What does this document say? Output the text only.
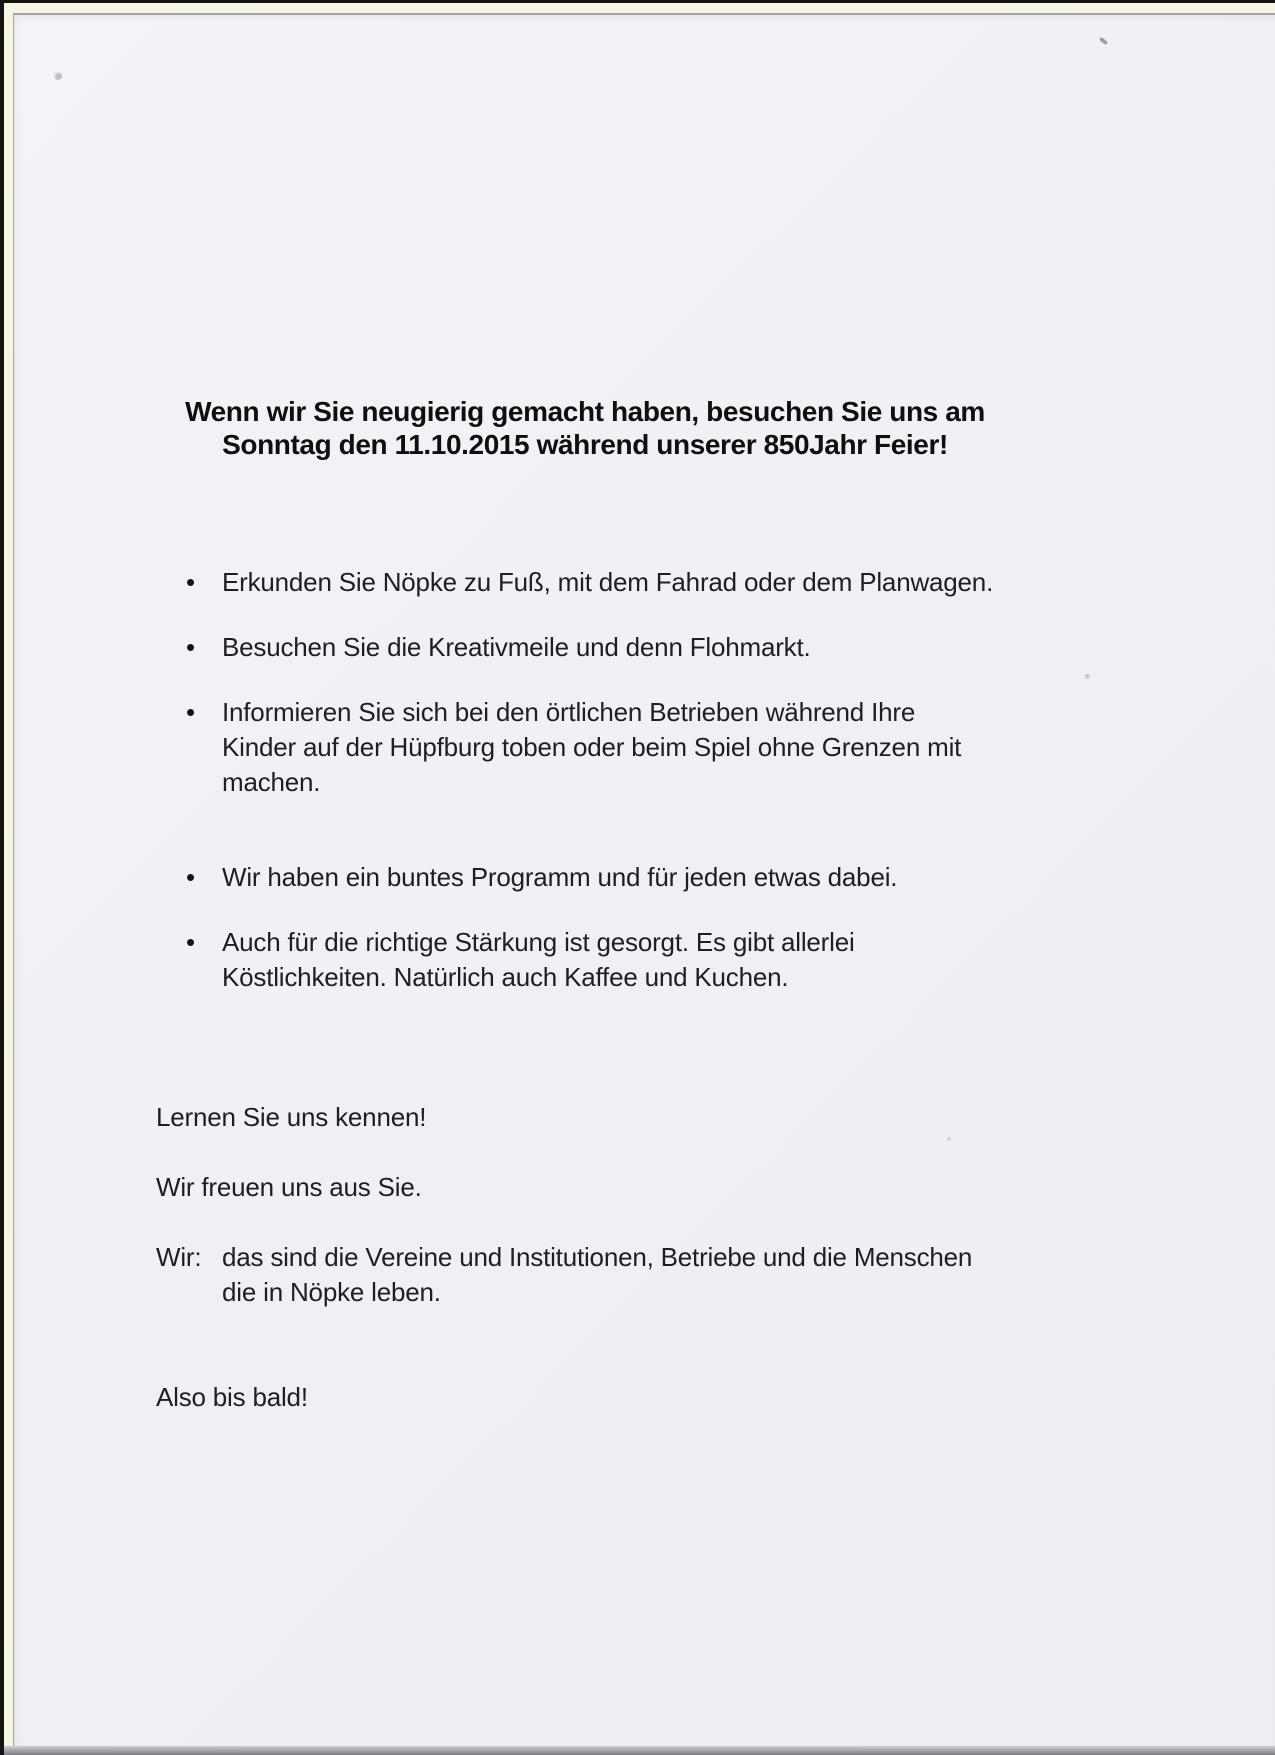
Wenn wir Sie neugierig gemacht haben, besuchen Sie uns am
Sonntag den 11.10.2015 während unserer 850Jahr Feier!
•	Erkunden Sie Nöpke zu Fuß, mit dem Fahrad oder dem Planwagen.
•	Besuchen Sie die Kreativmeile und denn Flohmarkt.
•	Informieren Sie sich bei den örtlichen Betrieben während Ihre
Kinder auf der Hüpfburg toben oder beim Spiel ohne Grenzen mit
machen.
•	Wir haben ein buntes Programm und für jeden etwas dabei.
•	Auch für die richtige Stärkung ist gesorgt. Es gibt allerlei
Köstlichkeiten. Natürlich auch Kaffee und Kuchen.
Lernen Sie uns kennen!
Wir freuen uns aus Sie.
Wir: das sind die Vereine und Institutionen, Betriebe und die Menschen
die in Nöpke leben.
Also bis bald!
